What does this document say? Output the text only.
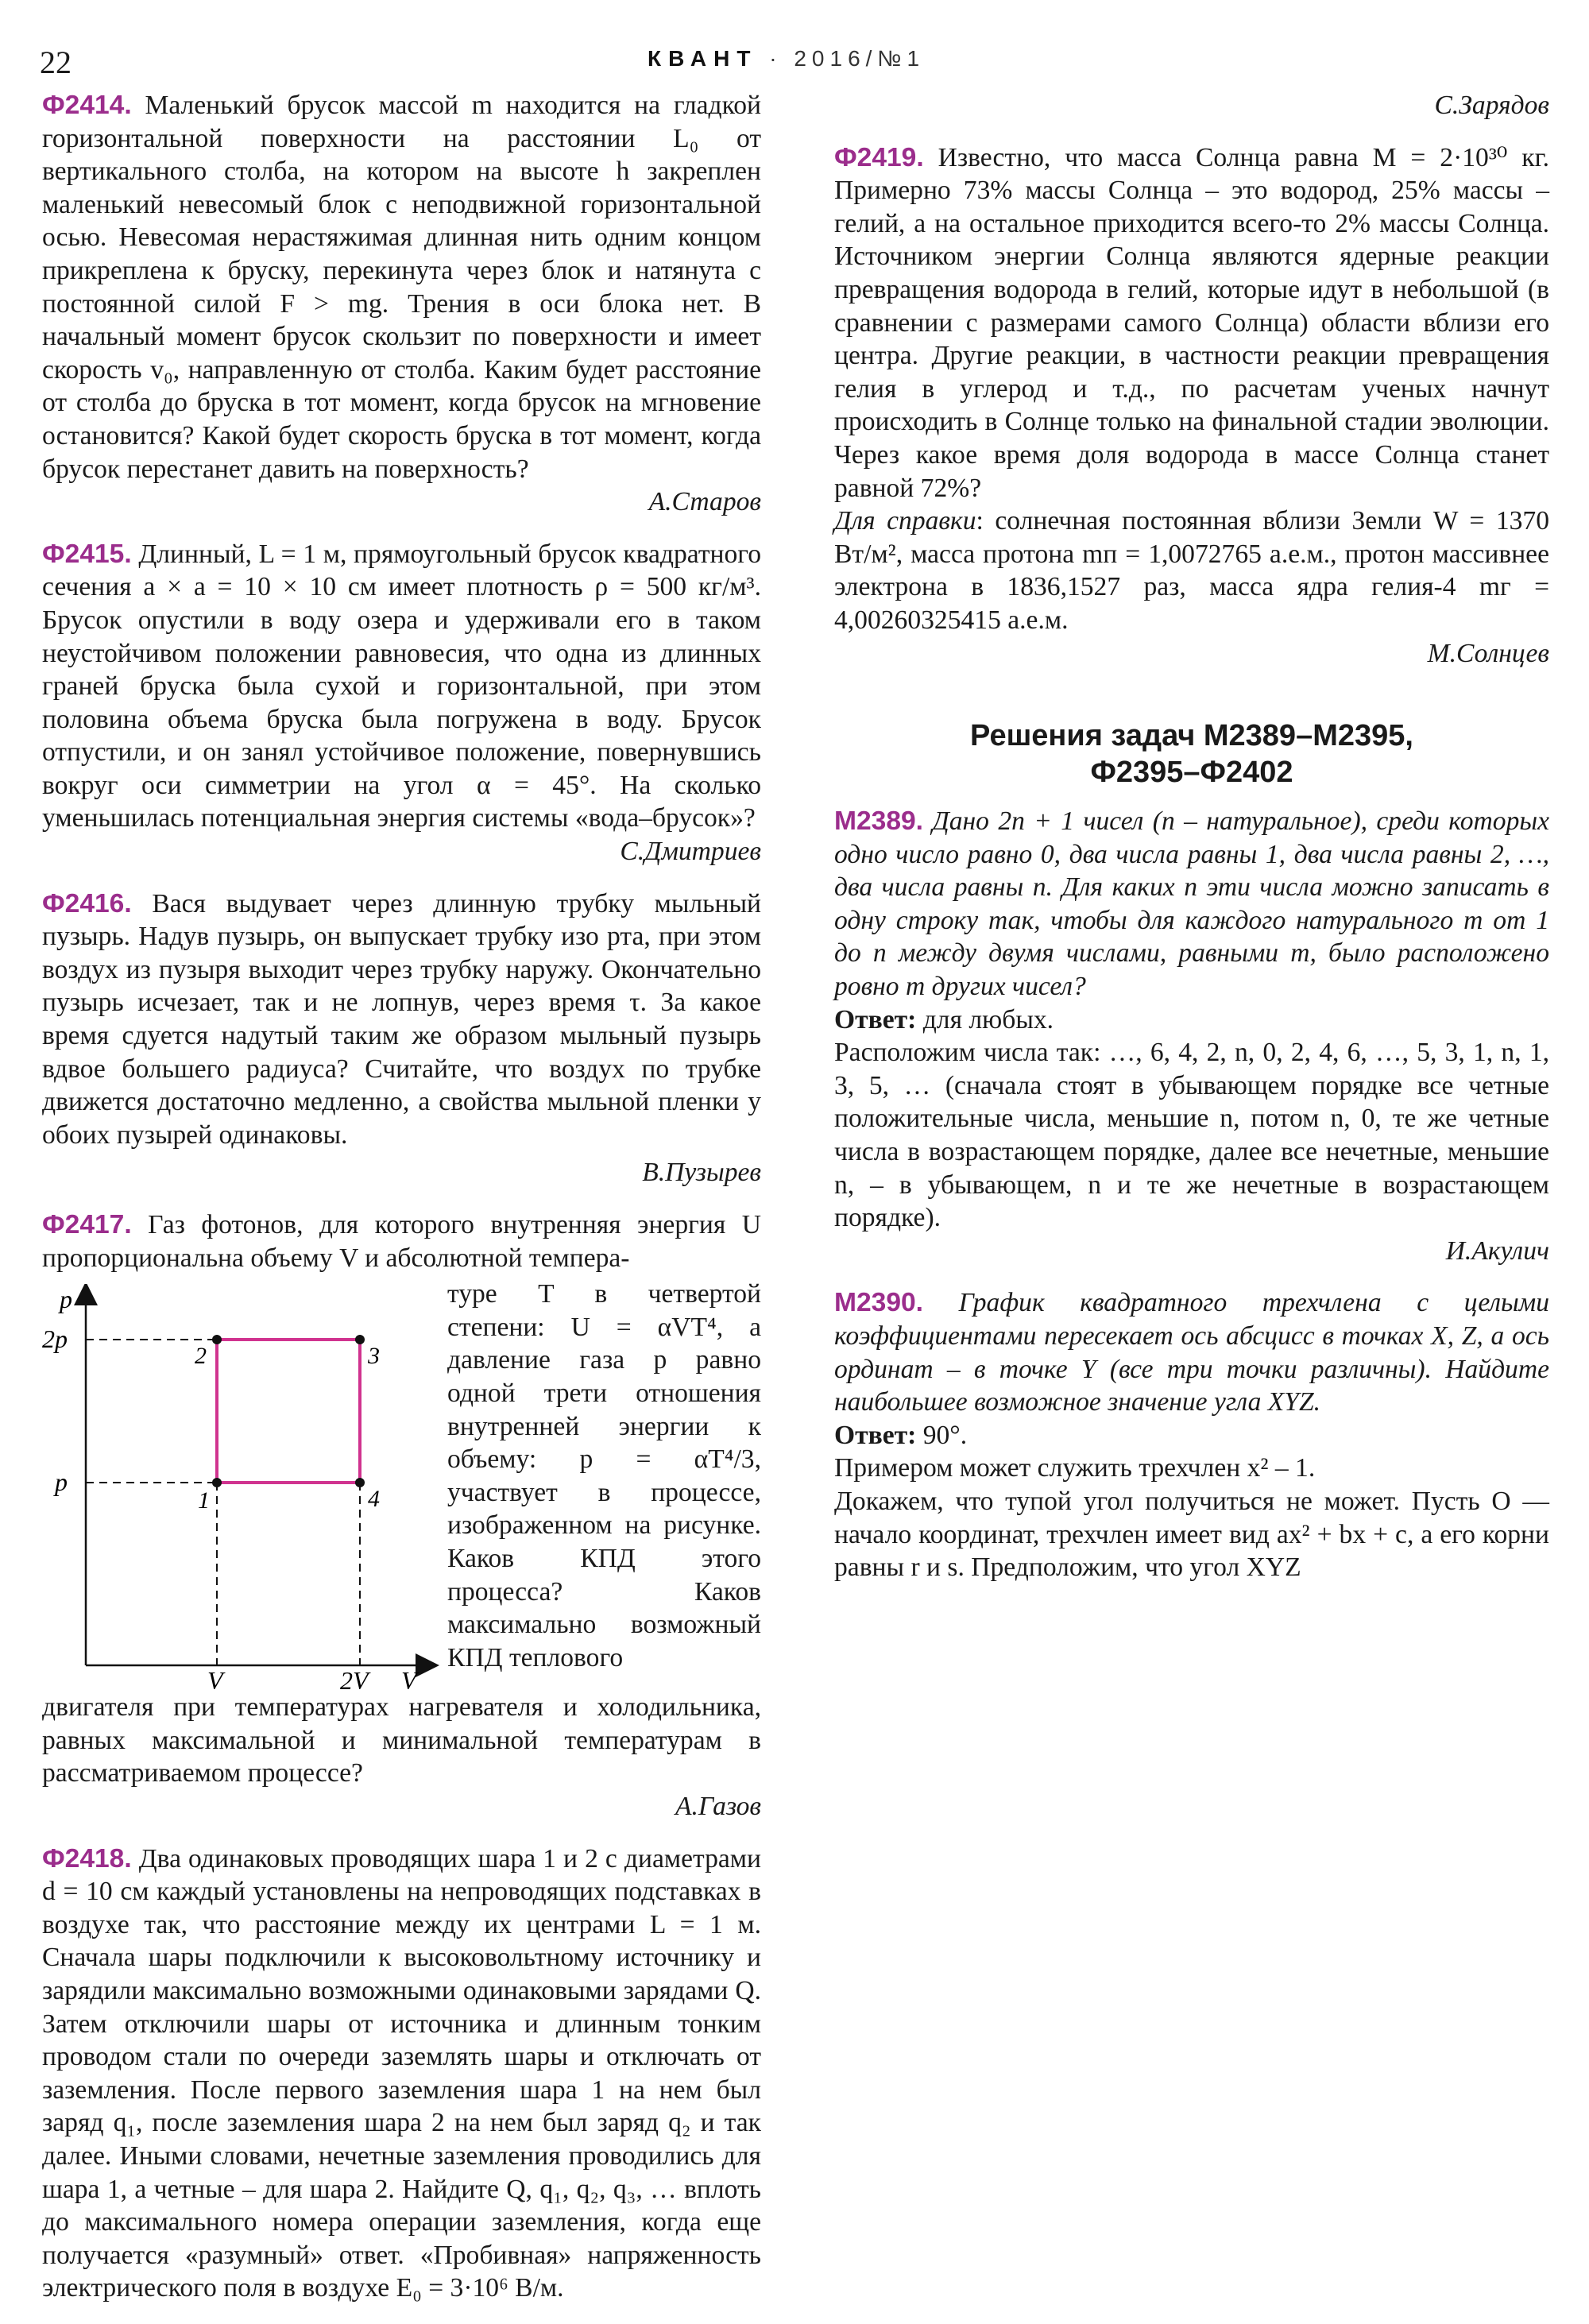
22	КВАНТ · 2016/№1

Ф2414. Маленький брусок массой m находится на гладкой горизонтальной поверхности на расстоянии L₀ от вертикального столба, на котором на высоте h закреплен маленький невесомый блок с неподвижной горизонтальной осью. Невесомая нерастяжимая длинная нить одним концом прикреплена к бруску, перекинута через блок и натянута с постоянной силой F > mg. Трения в оси блока нет. В начальный момент брусок скользит по поверхности и имеет скорость v₀, направленную от столба. Каким будет расстояние от столба до бруска в тот момент, когда брусок на мгновение остановится? Какой будет скорость бруска в тот момент, когда брусок перестанет давить на поверхность?

А.Старов

Ф2415. Длинный, L = 1 м, прямоугольный брусок квадратного сечения a × a = 10 × 10 см имеет плотность ρ = 500 кг/м³. Брусок опустили в воду озера и удерживали его в таком неустойчивом положении равновесия, что одна из длинных граней бруска была сухой и горизонтальной, при этом половина объема бруска была погружена в воду. Брусок отпустили, и он занял устойчивое положение, повернувшись вокруг оси симметрии на угол α = 45°. На сколько уменьшилась потенциальная энергия системы «вода–брусок»?

С.Дмитриев

Ф2416. Вася выдувает через длинную трубку мыльный пузырь. Надув пузырь, он выпускает трубку изо рта, при этом воздух из пузыря выходит через трубку наружу. Окончательно пузырь исчезает, так и не лопнув, через время τ. За какое время сдуется надутый таким же образом мыльный пузырь вдвое большего радиуса? Считайте, что воздух по трубке движется достаточно медленно, а свойства мыльной пленки у обоих пузырей одинаковы.

В.Пузырев

Ф2417. Газ фотонов, для которого внутренняя энергия U пропорциональна объему V и абсолютной темпера-

p
V
2p
p
V	2V
1
2	3
4

туре T в четвертой степени: U = αVT⁴, а давление газа p равно одной трети отношения внутренней энергии к объему: p = αT⁴/3, участвует в процессе, изображенном на рисунке. Каков КПД этого процесса? Каков максимально возможный КПД теплового

двигателя при температурах нагревателя и холодильника, равных максимальной и минимальной температурам в рассматриваемом процессе?

А.Газов

Ф2418. Два одинаковых проводящих шара 1 и 2 с диаметрами d = 10 см каждый установлены на непроводящих подставках в воздухе так, что расстояние между их центрами L = 1 м. Сначала шары подключили к высоковольтному источнику и зарядили максимально возможными одинаковыми зарядами Q. Затем отключили шары от источника и длинным тонким проводом стали по очереди заземлять шары и отключать от заземления. После первого заземления шара 1 на нем был заряд q₁, после заземления шара 2 на нем был заряд q₂ и так далее. Иными словами, нечетные заземления проводились для шара 1, а четные – для шара 2. Найдите Q, q₁, q₂, q₃, … вплоть до максимального номера операции заземления, когда еще получается «разумный» ответ. «Пробивная» напряженность электрического поля в воздухе E₀ = 3·10⁶ В/м.

С.Зарядов

Ф2419. Известно, что масса Солнца равна M = 2·10³⁰ кг. Примерно 73% массы Солнца – это водород, 25% массы – гелий, а на остальное приходится всего-то 2% массы Солнца. Источником энергии Солнца являются ядерные реакции превращения водорода в гелий, которые идут в небольшой (в сравнении с размерами самого Солнца) области вблизи его центра. Другие реакции, в частности реакции превращения гелия в углерод и т.д., по расчетам ученых начнут происходить в Солнце только на финальной стадии эволюции. Через какое время доля водорода в массе Солнца станет равной 72%?

Для справки: солнечная постоянная вблизи Земли W = 1370 Вт/м², масса протона mп = 1,0072765 а.е.м., протон массивнее электрона в 1836,1527 раз, масса ядра гелия-4 mг = 4,00260325415 а.е.м.

М.Солнцев

Решения задач М2389–М2395,
Ф2395–Ф2402

М2389. Дано 2n + 1 чисел (n – натуральное), среди которых одно число равно 0, два числа равны 1, два числа равны 2, …, два числа равны n. Для каких n эти числа можно записать в одну строку так, чтобы для каждого натурального m от 1 до n между двумя числами, равными m, было расположено ровно m других чисел?

Ответ: для любых.

Расположим числа так: …, 6, 4, 2, n, 0, 2, 4, 6, …, 5, 3, 1, n, 1, 3, 5, … (сначала стоят в убывающем порядке все четные положительные числа, меньшие n, потом n, 0, те же четные числа в возрастающем порядке, далее все нечетные, меньшие n, – в убывающем, n и те же нечетные в возрастающем порядке).

И.Акулич

М2390. График квадратного трехчлена с целыми коэффициентами пересекает ось абсцисс в точках X, Z, а ось ординат – в точке Y (все три точки различны). Найдите наибольшее возможное значение угла XYZ.

Ответ: 90°.

Примером может служить трехчлен x² – 1.

Докажем, что тупой угол получиться не может. Пусть O — начало координат, трехчлен имеет вид ax² + bx + c, а его корни равны r и s. Предположим, что угол XYZ
